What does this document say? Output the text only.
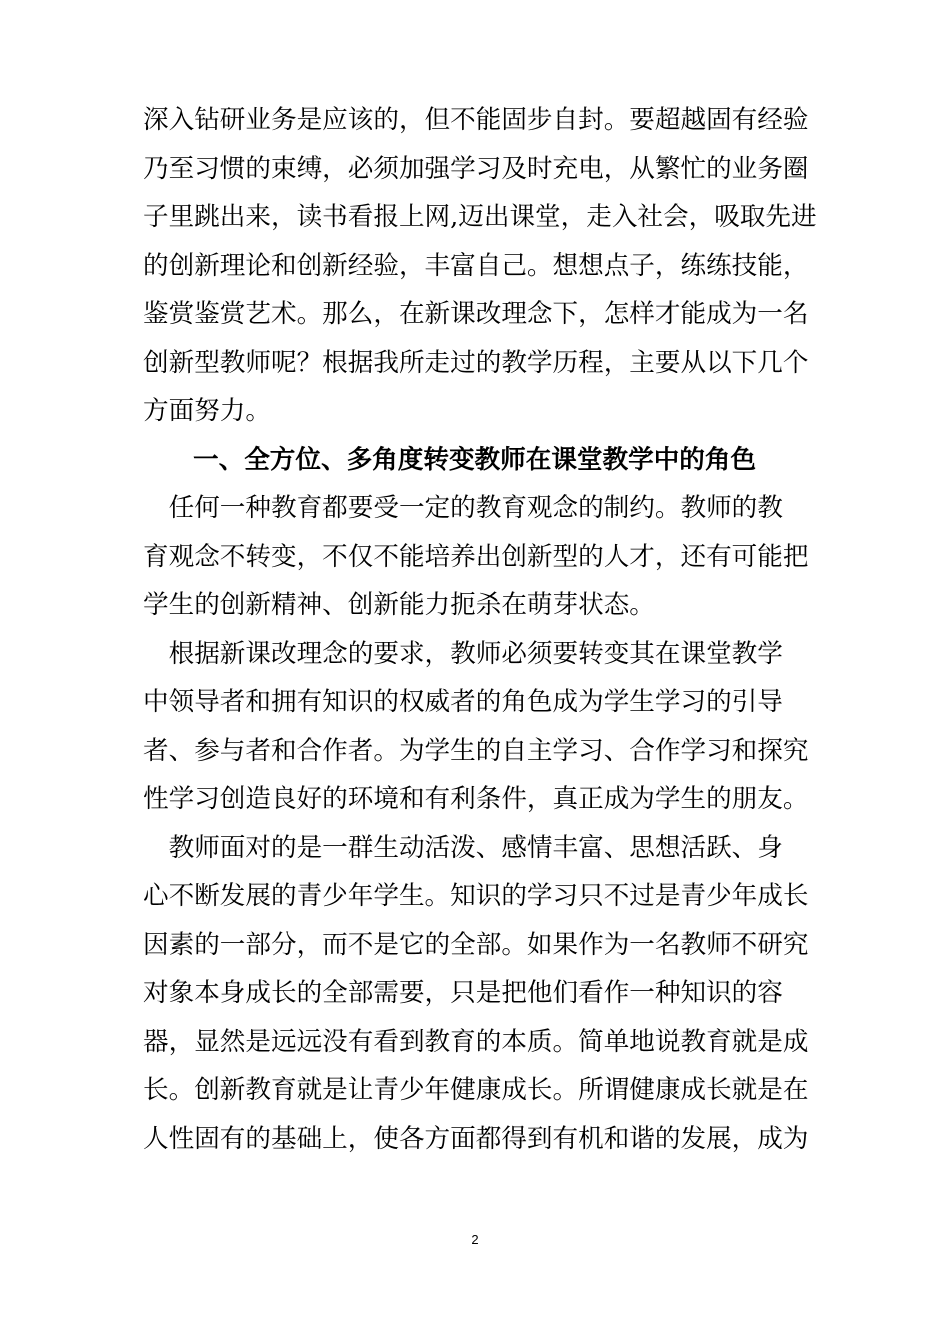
深入钻研业务是应该的，但不能固步自封。要超越固有经验
乃至习惯的束缚，必须加强学习及时充电，从繁忙的业务圈
子里跳出来，读书看报上网,迈出课堂，走入社会，吸取先进
的创新理论和创新经验，丰富自己。想想点子，练练技能，
鉴赏鉴赏艺术。那么，在新课改理念下，怎样才能成为一名
创新型教师呢？根据我所走过的教学历程，主要从以下几个
方面努力。
一、全方位、多角度转变教师在课堂教学中的角色
　任何一种教育都要受一定的教育观念的制约。教师的教
育观念不转变，不仅不能培养出创新型的人才，还有可能把
学生的创新精神、创新能力扼杀在萌芽状态。
　根据新课改理念的要求，教师必须要转变其在课堂教学
中领导者和拥有知识的权威者的角色成为学生学习的引导
者、参与者和合作者。为学生的自主学习、合作学习和探究
性学习创造良好的环境和有利条件，真正成为学生的朋友。
　教师面对的是一群生动活泼、感情丰富、思想活跃、身
心不断发展的青少年学生。知识的学习只不过是青少年成长
因素的一部分，而不是它的全部。如果作为一名教师不研究
对象本身成长的全部需要，只是把他们看作一种知识的容
器，显然是远远没有看到教育的本质。简单地说教育就是成
长。创新教育就是让青少年健康成长。所谓健康成长就是在
人性固有的基础上，使各方面都得到有机和谐的发展，成为
2
